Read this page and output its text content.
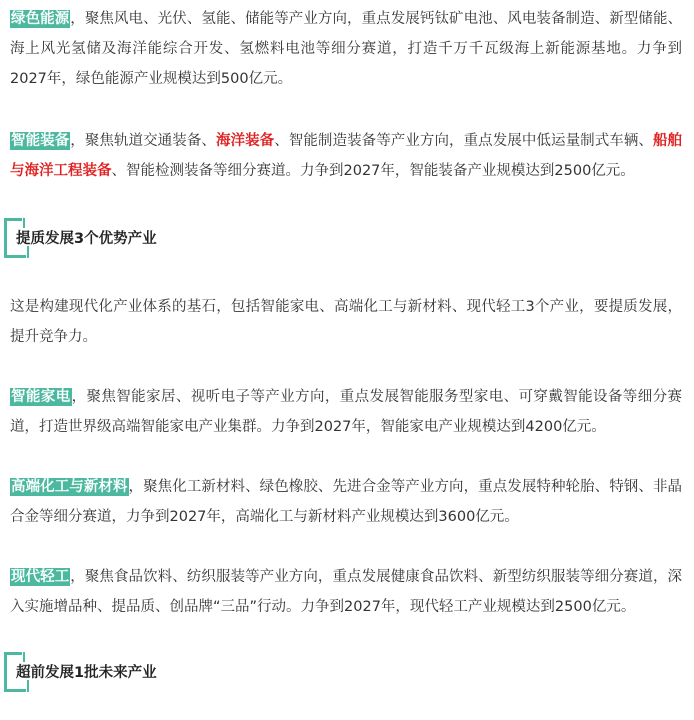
绿色能源，聚焦风电、光伏、氢能、储能等产业方向，重点发展钙钛矿电池、风电装备制造、新型储能、海上风光氢储及海洋能综合开发、氢燃料电池等细分赛道，打造千万千瓦级海上新能源基地。力争到2027年，绿色能源产业规模达到500亿元。

智能装备，聚焦轨道交通装备、海洋装备、智能制造装备等产业方向，重点发展中低运量制式车辆、船舶与海洋工程装备、智能检测装备等细分赛道。力争到2027年，智能装备产业规模达到2500亿元。

提质发展3个优势产业

这是构建现代化产业体系的基石，包括智能家电、高端化工与新材料、现代轻工3个产业，要提质发展，提升竞争力。

智能家电，聚焦智能家居、视听电子等产业方向，重点发展智能服务型家电、可穿戴智能设备等细分赛道，打造世界级高端智能家电产业集群。力争到2027年，智能家电产业规模达到4200亿元。

高端化工与新材料，聚焦化工新材料、绿色橡胶、先进合金等产业方向，重点发展特种轮胎、特钢、非晶合金等细分赛道，力争到2027年，高端化工与新材料产业规模达到3600亿元。

现代轻工，聚焦食品饮料、纺织服装等产业方向，重点发展健康食品饮料、新型纺织服装等细分赛道，深入实施增品种、提品质、创品牌“三品”行动。力争到2027年，现代轻工产业规模达到2500亿元。

超前发展1批未来产业
